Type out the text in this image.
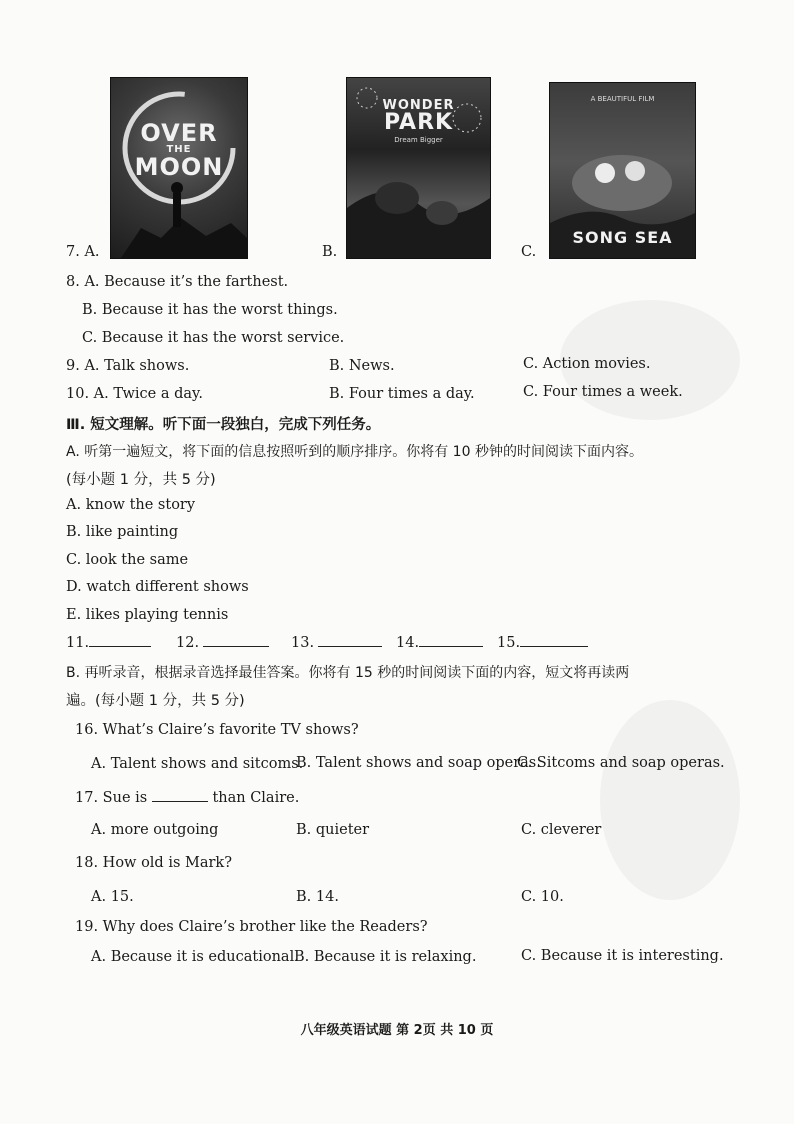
7. A.
OVER
THE
MOON
B.
WONDER
PARK
Dream Bigger
C.
A BEAUTIFUL FILM
SONG SEA
8. A. Because it’s the farthest.
B. Because it has the worst things.
C. Because it has the worst service.
9. A. Talk shows.	B. News.	C. Action movies.
10. A. Twice a day.	B. Four times a day.	C. Four times a week.
Ⅲ. 短文理解。听下面一段独白，完成下列任务。
A. 听第一遍短文，将下面的信息按照听到的顺序排序。你将有 10 秒钟的时间阅读下面内容。
(每小题 1 分，共 5 分)
A. know the story
B. like painting
C. look the same
D. watch different shows
E. likes playing tennis
11.	12.	13.	14.	15.
B. 再听录音，根据录音选择最佳答案。你将有 15 秒的时间阅读下面的内容，短文将再读两
遍。(每小题 1 分，共 5 分)
16. What’s Claire’s favorite TV shows?
A. Talent shows and sitcoms.
B. Talent shows and soap operas.
C. Sitcoms and soap operas.
17. Sue is	than Claire.
A. more outgoing	B. quieter	C. cleverer
18. How old is Mark?
A. 15.	B. 14.	C. 10.
19. Why does Claire’s brother like the Readers?
A. Because it is educational.
B. Because it is relaxing.	C. Because it is interesting.
八年级英语试题 第 2页 共 10 页
